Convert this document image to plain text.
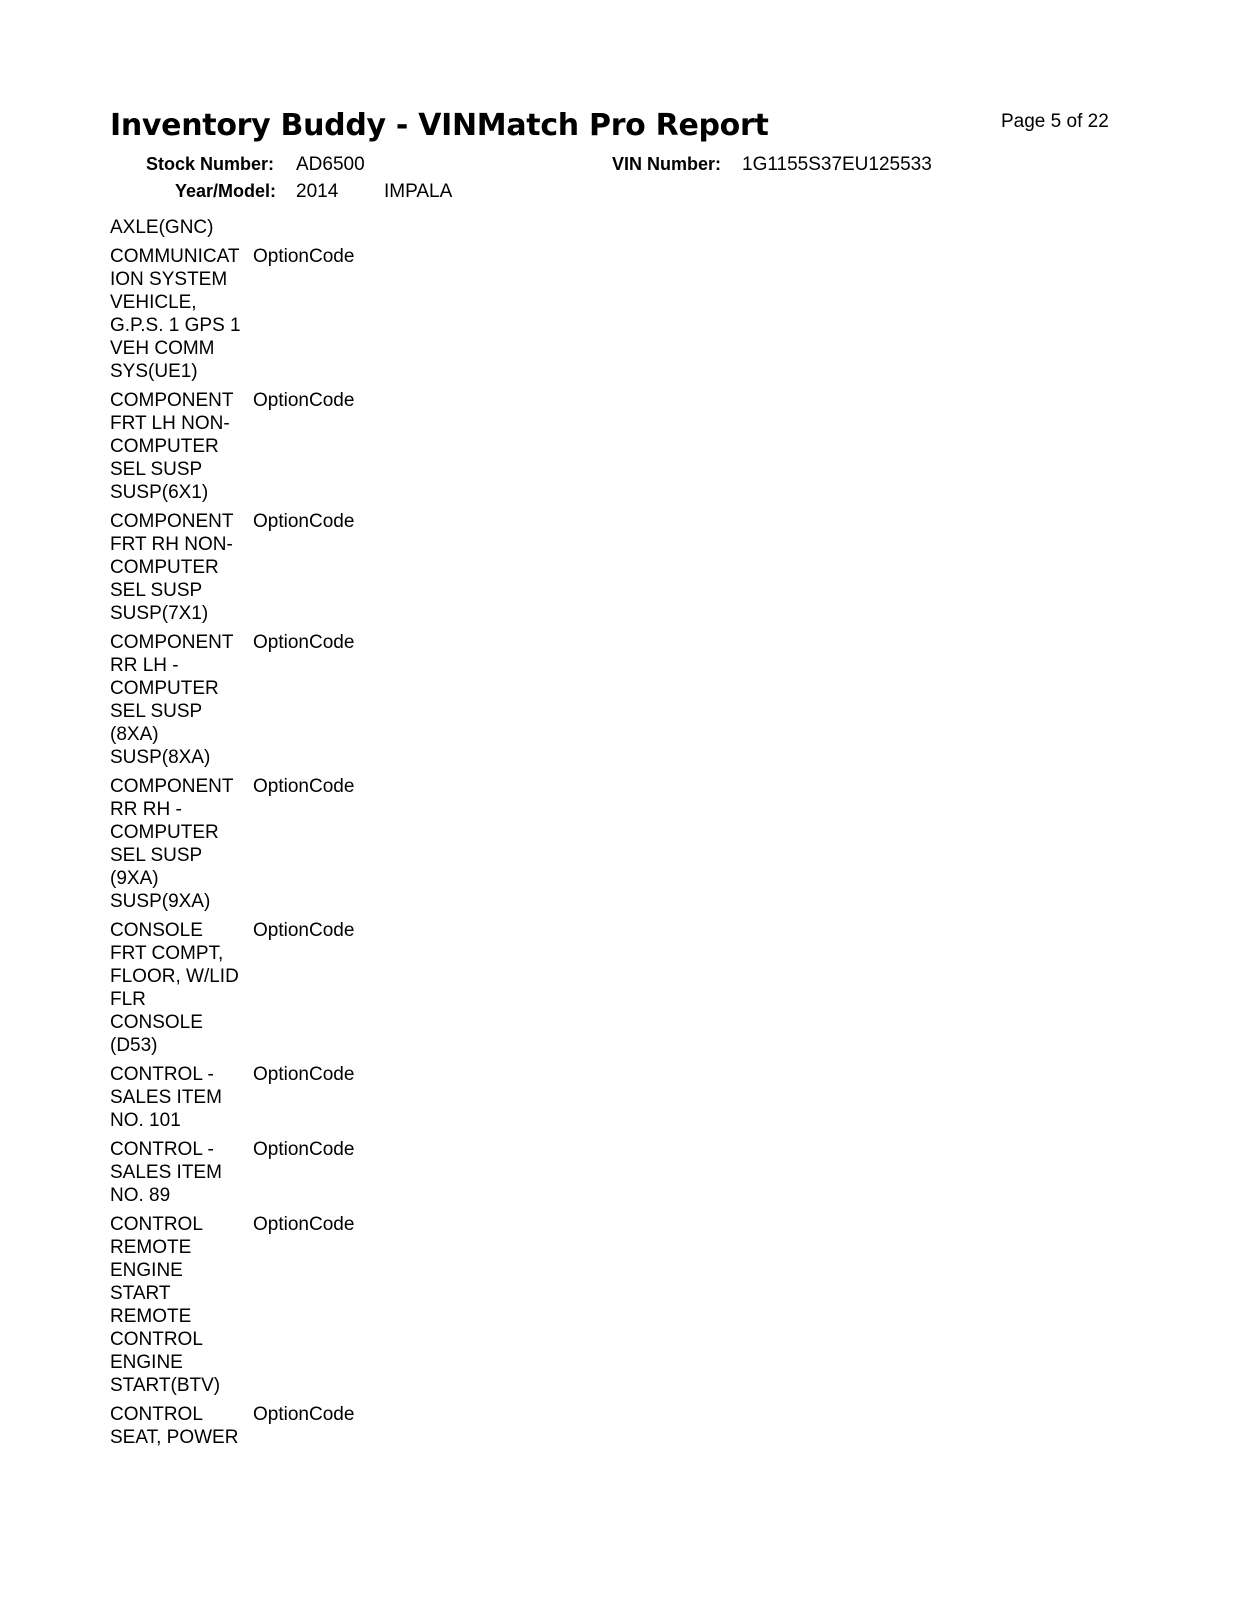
Inventory Buddy - VINMatch Pro Report	Page 5 of 22
Stock Number: AD6500	VIN Number: 1G1155S37EU125533
Year/Model: 2014 IMPALA
AXLE(GNC)
COMMUNICAT
ION SYSTEM
VEHICLE,
G.P.S. 1 GPS 1
VEH COMM
SYS(UE1)
OptionCode
COMPONENT
FRT LH NON-
COMPUTER
SEL SUSP
SUSP(6X1)
OptionCode
COMPONENT
FRT RH NON-
COMPUTER
SEL SUSP
SUSP(7X1)
OptionCode
COMPONENT
RR LH -
COMPUTER
SEL SUSP
(8XA)
SUSP(8XA)
OptionCode
COMPONENT
RR RH -
COMPUTER
SEL SUSP
(9XA)
SUSP(9XA)
OptionCode
CONSOLE
FRT COMPT,
FLOOR, W/LID
FLR
CONSOLE
(D53)
OptionCode
CONTROL -
SALES ITEM
NO. 101
OptionCode
CONTROL -
SALES ITEM
NO. 89
OptionCode
CONTROL
REMOTE
ENGINE
START
REMOTE
CONTROL
ENGINE
START(BTV)
OptionCode
CONTROL
SEAT, POWER
OptionCode
